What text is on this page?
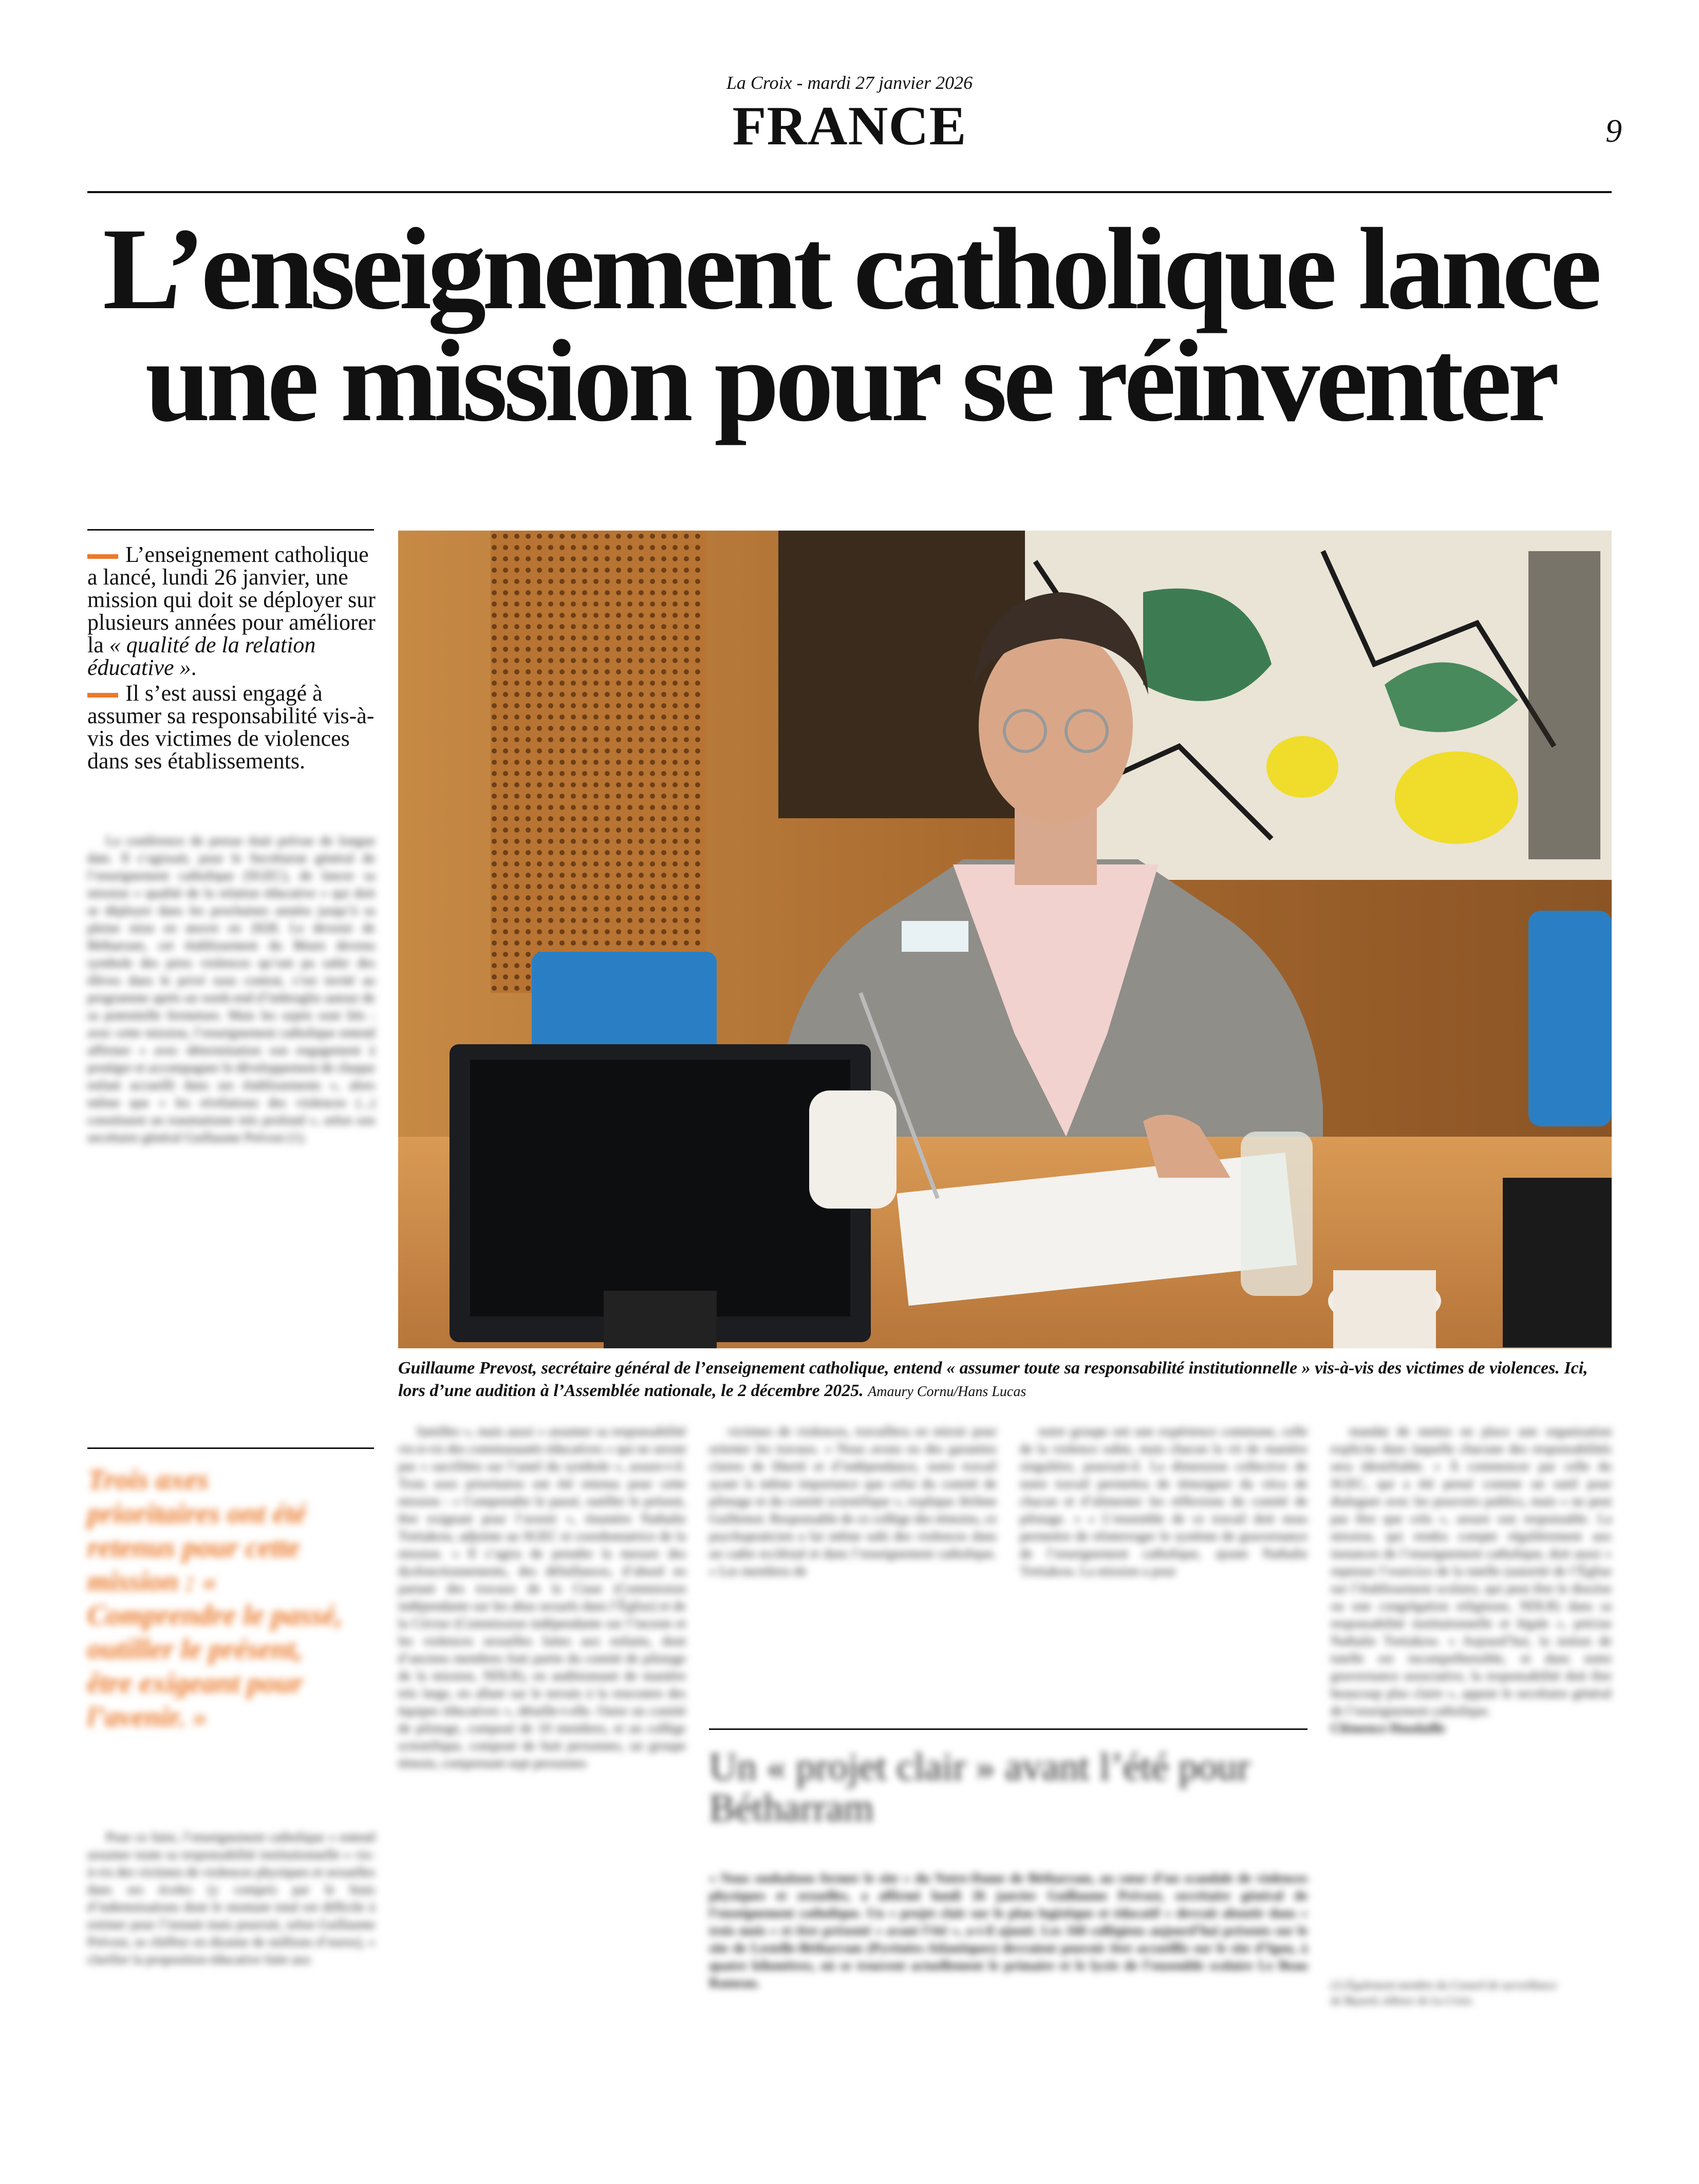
La Croix - mardi 27 janvier 2026
FRANCE	9
L’enseignement catholique lance une mission pour se réinventer

L’enseignement catholique a lancé, lundi 26 janvier, une mission qui doit se déployer sur plusieurs années pour améliorer la « qualité de la relation éducative ».

Il s’est aussi engagé à assumer sa responsabilité vis-à-vis des victimes de violences dans ses établissements.

La conférence de presse était prévue de longue date. Il s’agissait, pour le Secrétariat général de l’enseignement catholique (SGEC), de lancer sa mission « qualité de la relation éducative » qui doit se déployer dans les prochaines années jusqu’à sa pleine mise en œuvre en 2028. Le devenir de Bétharram, cet établissement du Béarn devenu symbole des pires violences qu’ont pu subir des élèves dans le privé sous contrat, s’est invité au programme après un week-end d’imbroglio autour de sa potentielle fermeture. Mais les sujets sont liés : avec cette mission, l’enseignement catholique entend affirmer « avec détermination son engagement à protéger et accompagner le développement de chaque enfant accueilli dans ses établissements », alors même que « les révélations des violences (...) constituent un traumatisme très profond », selon son secrétaire général Guillaume Prévost (1).

Trois axes prioritaires ont été retenus pour cette mission : « Comprendre le passé, outiller le présent, être exigeant pour l’avenir. »

Pour ce faire, l’enseignement catholique « entend assumer toute sa responsabilité institutionnelle » vis-à-vis des victimes de violences physiques et sexuelles dans ses écoles (y compris par le biais d’indemnisations dont le montant total est difficile à estimer pour l’instant mais pourrait, selon Guillaume Prévost, se chiffrer en dizaine de millions d’euros), « clarifier la proposition éducative faite aux

Guillaume Prevost, secrétaire général de l’enseignement catholique, entend « assumer toute sa responsabilité institutionnelle » vis-à-vis des victimes de violences. Ici, lors d’une audition à l’Assemblée nationale, le 2 décembre 2025. Amaury Cornu/Hans Lucas

familles », mais aussi « assumer sa responsabilité vis-à-vis des communautés éducatives » qui ne seront pas « sacrifiées sur l’autel du symbole », assure-t-il. Trois axes prioritaires ont été retenus pour cette mission : « Comprendre le passé, outiller le présent, être exigeant pour l’avenir », énumère Nathalie Tretiakow, adjointe au SGEC et coordonnatrice de la mission. « Il s’agira de prendre la mesure des dysfonctionnements, des défaillances, d’abord en partant des travaux de la Ciase (Commission indépendante sur les abus sexuels dans l’Église) et de la Ciivise (Commission indépendante sur l’inceste et les violences sexuelles faites aux enfants, dont d’anciens membres font partie du comité de pilotage de la mission, NDLR), en auditionnant de manière très large, en allant sur le terrain à la rencontre des équipes éducatives », détaille-t-elle. Outre un comité de pilotage, composé de 10 membres, et un collège scientifique, composé de huit personnes, un groupe témoin, comprenant sept personnes

victimes de violences, travaillera en miroir pour orienter les travaux. « Nous avons eu des garanties claires de liberté et d’indépendance, notre travail ayant la même importance que celui du comité de pilotage et du comité scientifique », explique Jérôme Guillemot. Responsable de ce collège des témoins, ce psychopraticien a lui même subi des violences dans un cadre ecclésial et dans l’enseignement catholique. « Les membres de

notre groupe ont une expérience commune, celle de la violence subie, mais chacun la vit de manière singulière, poursuit-il. La dimension collective de notre travail permettra de témoigner du vécu de chacun et d’alimenter les réflexions du comité de pilotage. » « L’ensemble de ce travail doit nous permettre de réinterroger le système de gouvernance de l’enseignement catholique, ajoute Nathalie Tretiakow. La mission a pour

mandat de mettre en place une organisation explicite dans laquelle chacune des responsabilités sera identifiable. » À commencer par celle du SGEC, qui a été pensé comme un outil pour dialoguer avec les pouvoirs publics, mais « ne peut pas être que cela », assure son responsable. La mission, qui rendra compte régulièrement aux instances de l’enseignement catholique, doit aussi « repenser l’exercice de la tutelle (autorité de l’Église sur l’établissement scolaire, qui peut être le diocèse ou une congrégation religieuse, NDLR) dans sa responsabilité institutionnelle et légale », précise Nathalie Tretiakow. « Aujourd’hui, la notion de tutelle est incompréhensible, et dans notre gouvernance associative, la responsabilité doit être beaucoup plus claire », appuie le secrétaire général de l’enseignement catholique.

Clémence Houdaille

Un « projet clair » avant l’été pour Bétharram

« Nous souhaitons fermer le site » du Notre-Dame de Bétharram, au cœur d’un scandale de violences physiques et sexuelles, a affirmé lundi 26 janvier Guillaume Prévost, secrétaire général de l’enseignement catholique. Un « projet clair sur le plan logistique et éducatif » devrait aboutir dans « trois mois » et être présenté « avant l’été », a-t-il ajouté. Les 160 collégiens aujourd’hui présents sur le site de Lestelle-Bétharram (Pyrénées-Atlantiques) devraient pouvoir être accueillis sur le site d’Igon, à quatre kilomètres, où se trouvent actuellement le primaire et le lycée de l’ensemble scolaire Le Beau Rameau.	(1) Également membre du Conseil de surveillance de Bayard, éditeur de La Croix.
